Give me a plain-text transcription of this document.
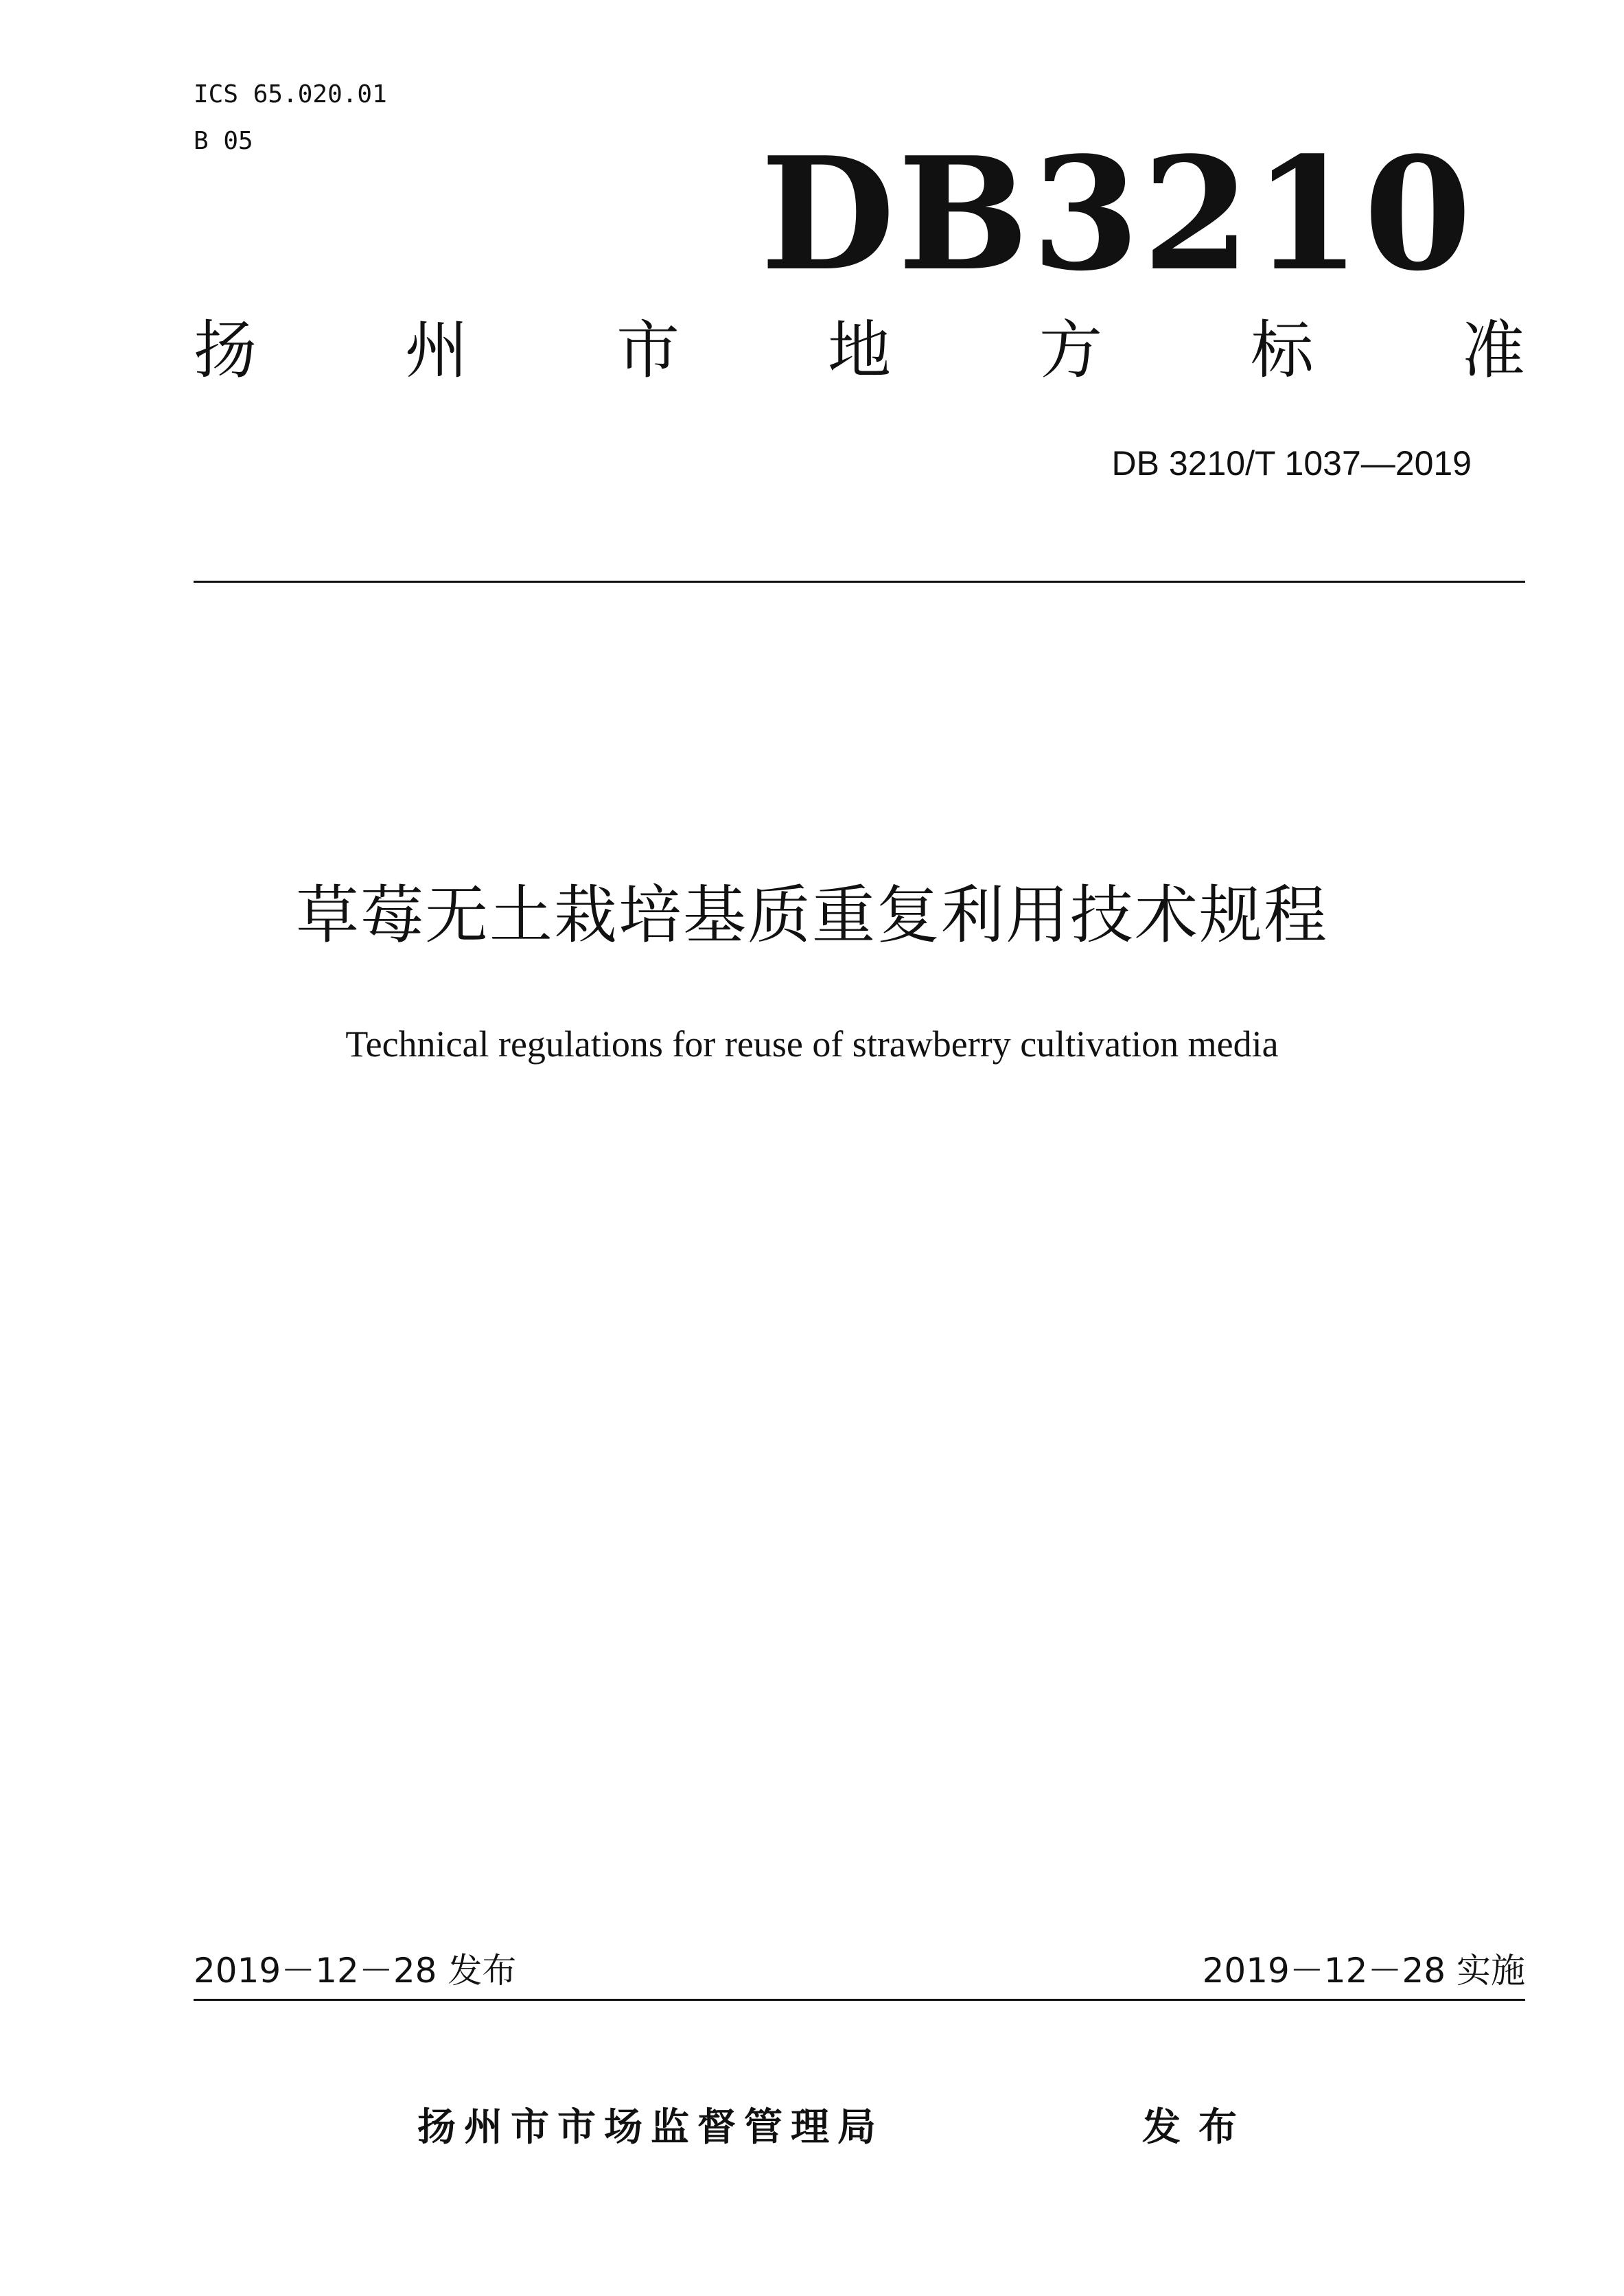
ICS 65.020.01
B 05	DB3210
扬 州 市 地 方 标 准
DB 3210/T 1037—2019
草莓无土栽培基质重复利用技术规程
Technical regulations for reuse of strawberry cultivation media
2019－12－28 发布	2019－12－28 实施
扬州市市场监督管理局	发布
